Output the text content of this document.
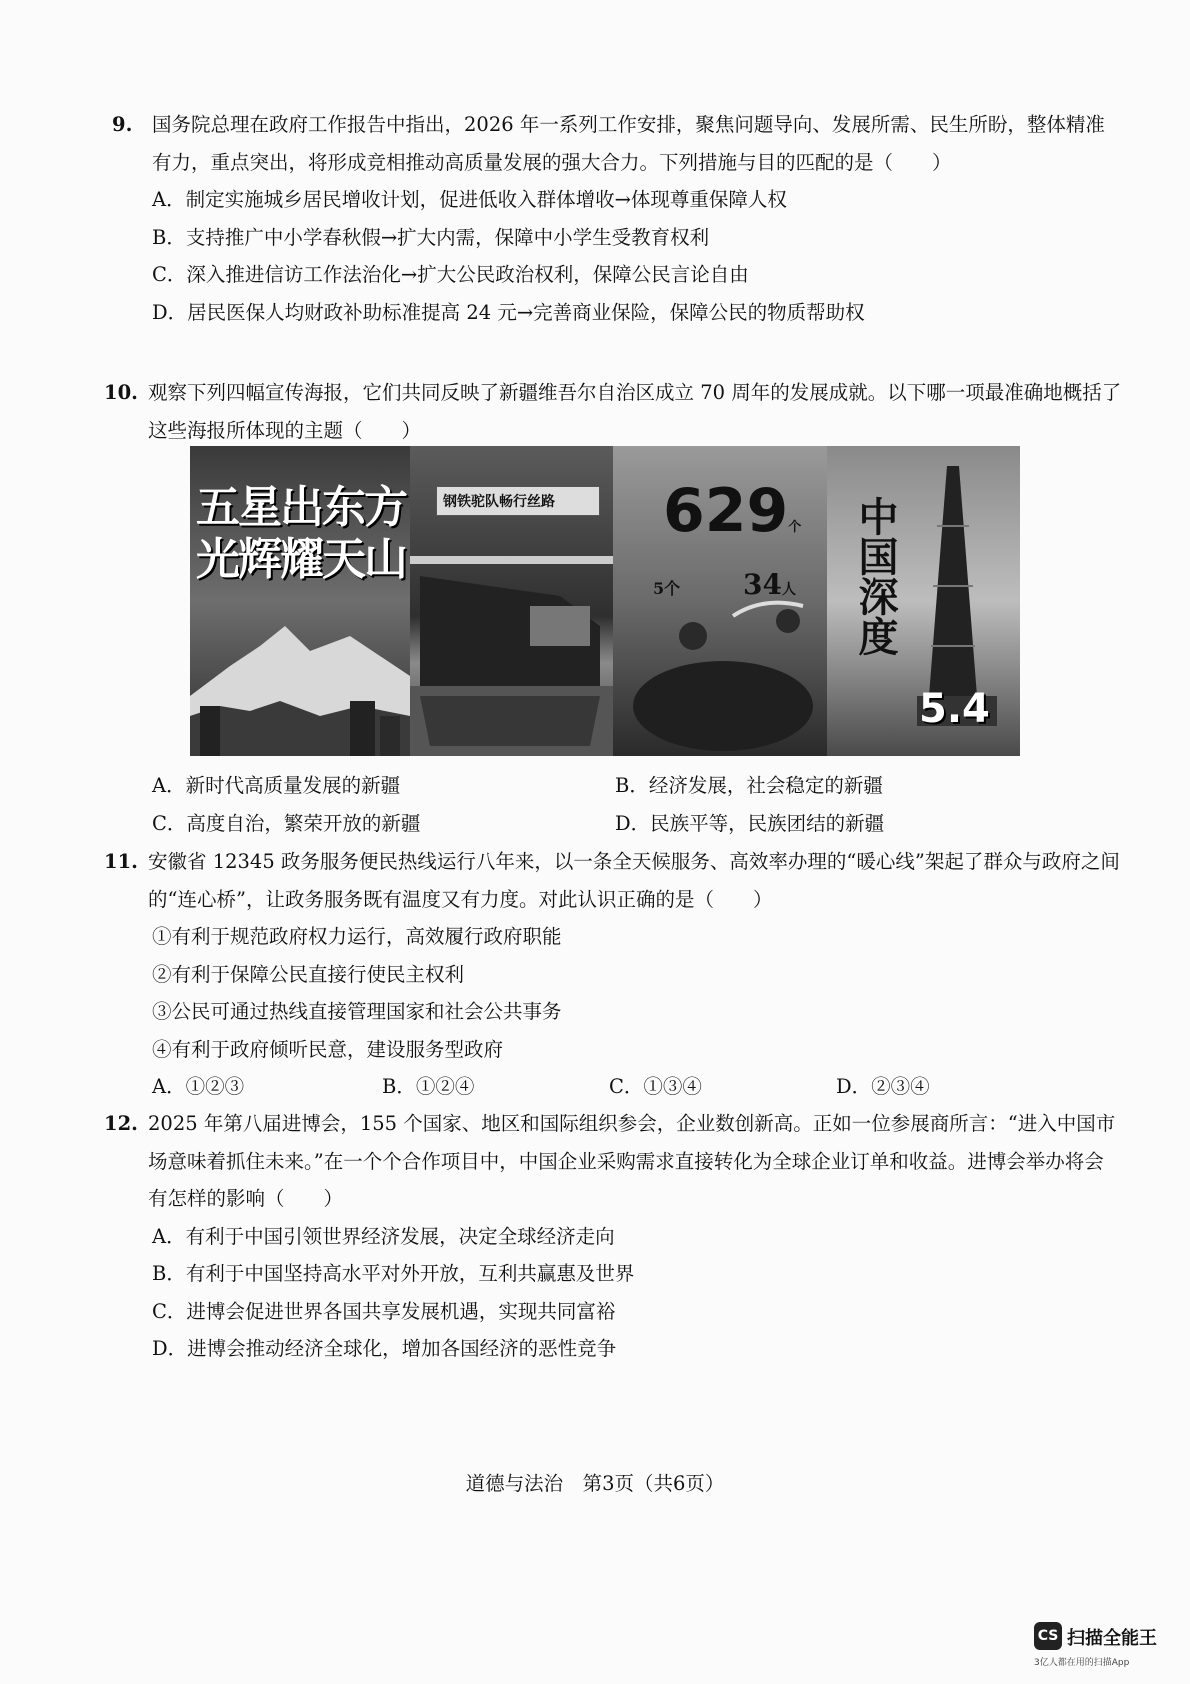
9.	国务院总理在政府工作报告中指出，2026 年一系列工作安排，聚焦问题导向、发展所需、民生所盼，整体精准有力，重点突出，将形成竞相推动高质量发展的强大合力。下列措施与目的匹配的是（　　）
A．制定实施城乡居民增收计划，促进低收入群体增收→体现尊重保障人权
B．支持推广中小学春秋假→扩大内需，保障中小学生受教育权利
C．深入推进信访工作法治化→扩大公民政治权利，保障公民言论自由
D．居民医保人均财政补助标准提高 24 元→完善商业保险，保障公民的物质帮助权
10. 观察下列四幅宣传海报，它们共同反映了新疆维吾尔自治区成立 70 周年的发展成就。以下哪一项最准确地概括了这些海报所体现的主题（　　）
五星出东方
光辉耀天山
钢铁驼队畅行丝路	629个
5个 34人	中国深度
5.4
A．新时代高质量发展的新疆	B．经济发展，社会稳定的新疆
C．高度自治，繁荣开放的新疆	D．民族平等，民族团结的新疆
11. 安徽省 12345 政务服务便民热线运行八年来，以一条全天候服务、高效率办理的“暖心线”架起了群众与政府之间的“连心桥”，让政务服务既有温度又有力度。对此认识正确的是（　　）
①有利于规范政府权力运行，高效履行政府职能
②有利于保障公民直接行使民主权利
③公民可通过热线直接管理国家和社会公共事务
④有利于政府倾听民意，建设服务型政府
A．①②③	B．①②④	C．①③④	D．②③④
12. 2025 年第八届进博会，155 个国家、地区和国际组织参会，企业数创新高。正如一位参展商所言：“进入中国市场意味着抓住未来。”在一个个合作项目中，中国企业采购需求直接转化为全球企业订单和收益。进博会举办将会有怎样的影响（　　）
A．有利于中国引领世界经济发展，决定全球经济走向
B．有利于中国坚持高水平对外开放，互利共赢惠及世界
C．进博会促进世界各国共享发展机遇，实现共同富裕
D．进博会推动经济全球化，增加各国经济的恶性竞争
道德与法治　第3页（共6页）
CS 扫描全能王
3亿人都在用的扫描App
